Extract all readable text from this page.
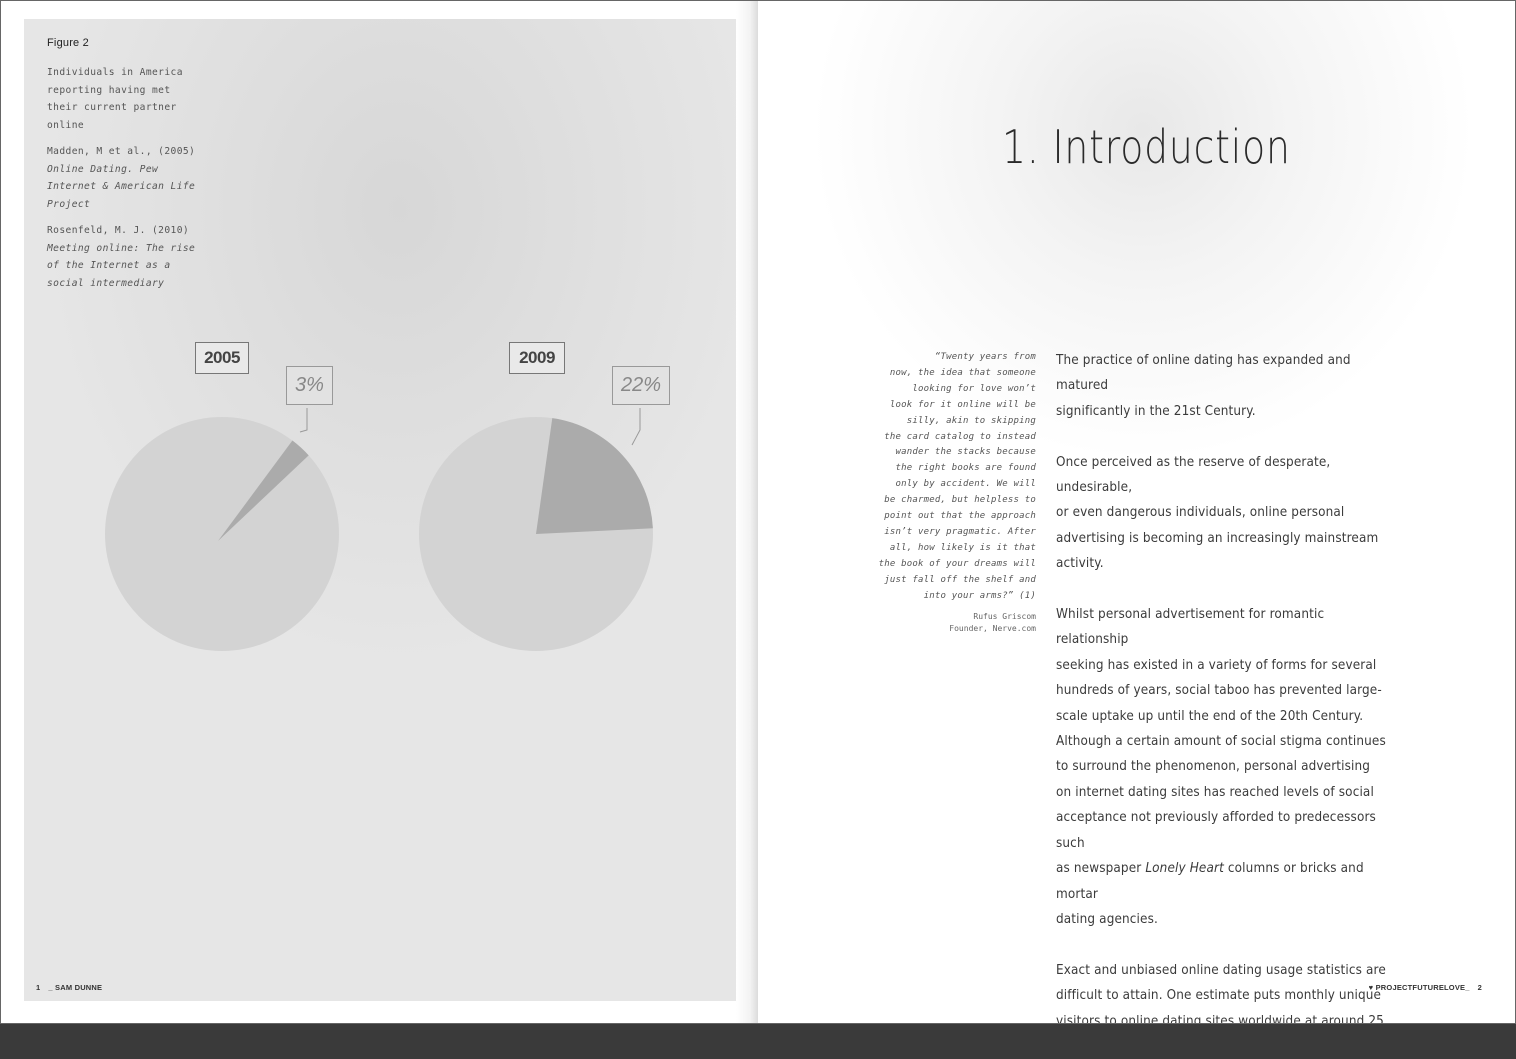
Figure 2
Individuals in America
reporting having met
their current partner
online
Madden, M et al., (2005)
Online Dating. Pew
Internet & American Life
Project
Rosenfeld, M. J. (2010)
Meeting online: The rise
of the Internet as a
social intermediary
2005
3%
2009
22%
1 _ SAM DUNNE
1. Introduction
“Twenty years from
now, the idea that someone
looking for love won’t
look for it online will be
silly, akin to skipping
the card catalog to instead
wander the stacks because
the right books are found
only by accident. We will
be charmed, but helpless to
point out that the approach
isn’t very pragmatic. After
all, how likely is it that
the book of your dreams will
just fall off the shelf and
into your arms?” (1)
Rufus Griscom
Founder, Nerve.com

The practice of online dating has expanded and matured
significantly in the 21st Century.

Once perceived as the reserve of desperate, undesirable,
or even dangerous individuals, online personal
advertising is becoming an increasingly mainstream
activity.

Whilst personal advertisement for romantic relationship
seeking has existed in a variety of forms for several
hundreds of years, social taboo has prevented large-
scale uptake up until the end of the 20th Century.
Although a certain amount of social stigma continues
to surround the phenomenon, personal advertising
on internet dating sites has reached levels of social
acceptance not previously afforded to predecessors such
as newspaper Lonely Heart columns or bricks and mortar
dating agencies.

Exact and unbiased online dating usage statistics are
difficult to attain. One estimate puts monthly unique
visitors to online dating sites worldwide at around 25

♥ PROJECTFUTURELOVE_ 2
